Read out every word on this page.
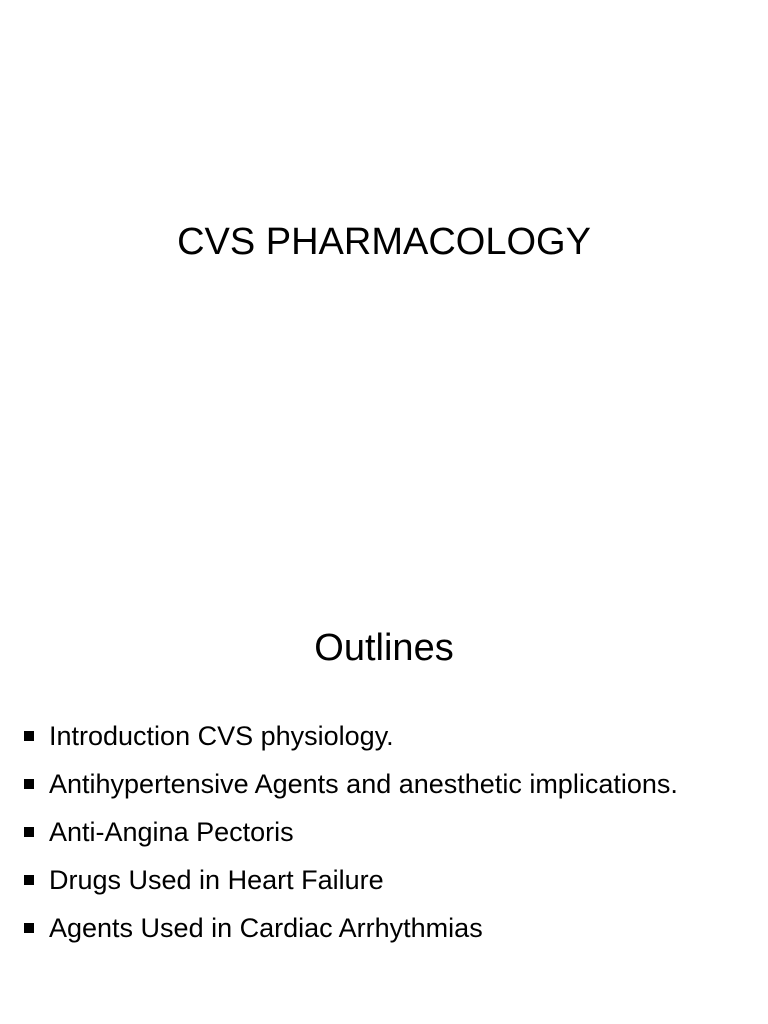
CVS PHARMACOLOGY
Outlines
Introduction CVS physiology.
Antihypertensive Agents and anesthetic implications.
Anti-Angina Pectoris
Drugs Used in Heart Failure
Agents Used in Cardiac Arrhythmias
